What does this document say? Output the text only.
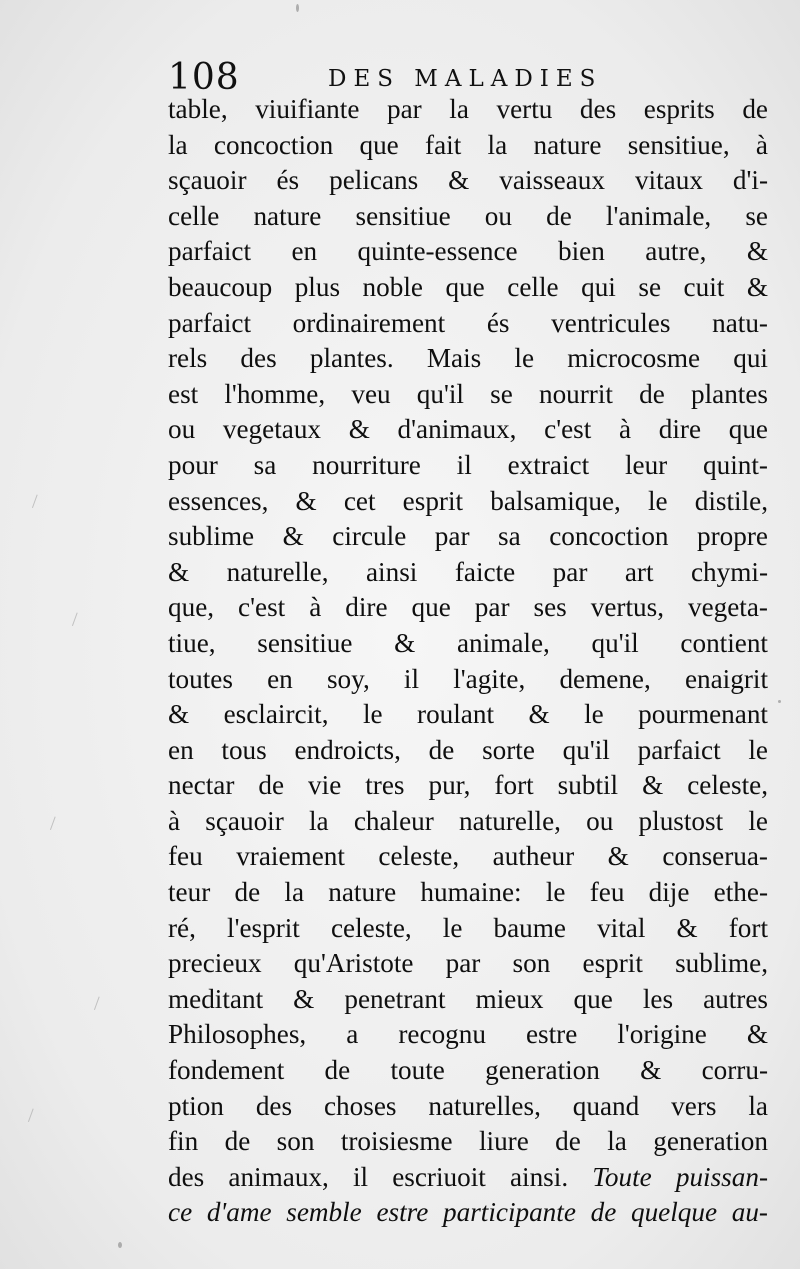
108	DES MALADIES
table, viuifiante par la vertu des esprits de
la concoction que fait la nature sensitiue, à
sçauoir és pelicans & vaisseaux vitaux d'i-
celle nature sensitiue ou de l'animale, se
parfaict en quinte-essence bien autre, &
beaucoup plus noble que celle qui se cuit &
parfaict ordinairement és ventricules natu-
rels des plantes. Mais le microcosme qui
est l'homme, veu qu'il se nourrit de plantes
ou vegetaux & d'animaux, c'est à dire que
pour sa nourriture il extraict leur quint-
essences, & cet esprit balsamique, le distile,
sublime & circule par sa concoction propre
& naturelle, ainsi faicte par art chymi-
que, c'est à dire que par ses vertus, vegeta-
tiue, sensitiue & animale, qu'il contient
toutes en soy, il l'agite, demene, enaigrit
& esclaircit, le roulant & le pourmenant
en tous endroicts, de sorte qu'il parfaict le
nectar de vie tres pur, fort subtil & celeste,
à sçauoir la chaleur naturelle, ou plustost le
feu vraiement celeste, autheur & conserua-
teur de la nature humaine: le feu dije ethe-
ré, l'esprit celeste, le baume vital & fort
precieux qu'Aristote par son esprit sublime,
meditant & penetrant mieux que les autres
Philosophes, a recognu estre l'origine &
fondement de toute generation & corru-
ption des choses naturelles, quand vers la
fin de son troisiesme liure de la generation
des animaux, il escriuoit ainsi. Toute puissan-
ce d'ame semble estre participante de quelque au-
